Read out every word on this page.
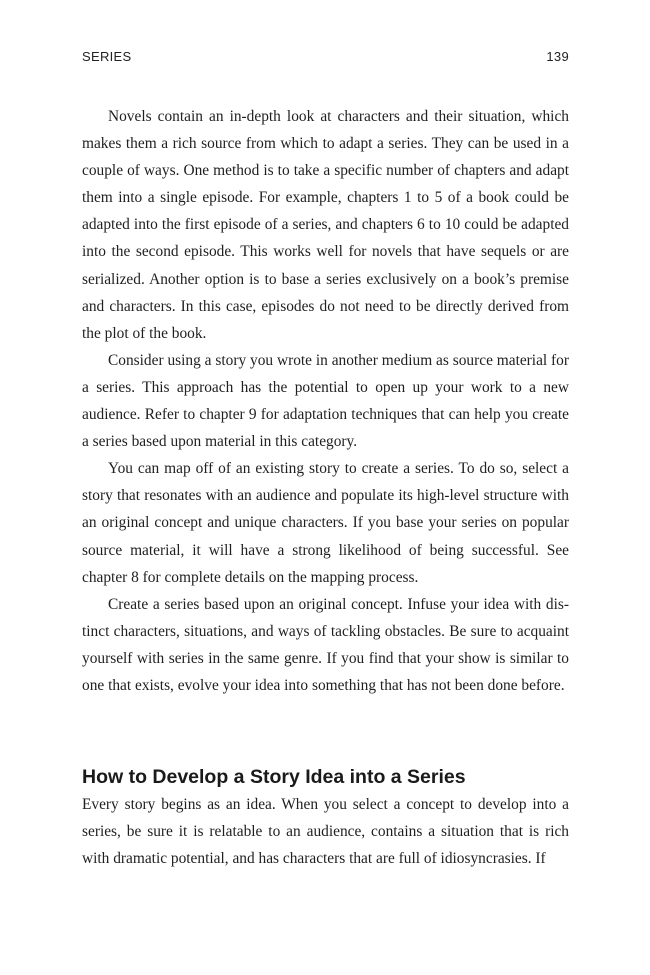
SERIES	139

Novels contain an in-depth look at characters and their situation, which makes them a rich source from which to adapt a series. They can be used in a couple of ways. One method is to take a specific number of chapters and adapt them into a single episode. For example, chapters 1 to 5 of a book could be adapted into the first episode of a series, and chapters 6 to 10 could be adapted into the second episode. This works well for novels that have sequels or are serialized. Another option is to base a series exclusively on a book’s premise and characters. In this case, episodes do not need to be directly derived from the plot of the book.

Consider using a story you wrote in another medium as source material for a series. This approach has the potential to open up your work to a new audience. Refer to chapter 9 for adaptation techniques that can help you create a series based upon material in this category.

You can map off of an existing story to create a series. To do so, select a story that resonates with an audience and populate its high-level structure with an original concept and unique characters. If you base your series on popular source material, it will have a strong likelihood of being successful. See chapter 8 for complete details on the mapping process.

Create a series based upon an original concept. Infuse your idea with distinct characters, situations, and ways of tackling obstacles. Be sure to acquaint yourself with series in the same genre. If you find that your show is similar to one that exists, evolve your idea into something that has not been done before.

How to Develop a Story Idea into a Series

Every story begins as an idea. When you select a concept to develop into a series, be sure it is relatable to an audience, contains a situation that is rich with dramatic potential, and has characters that are full of idiosyncrasies. If
